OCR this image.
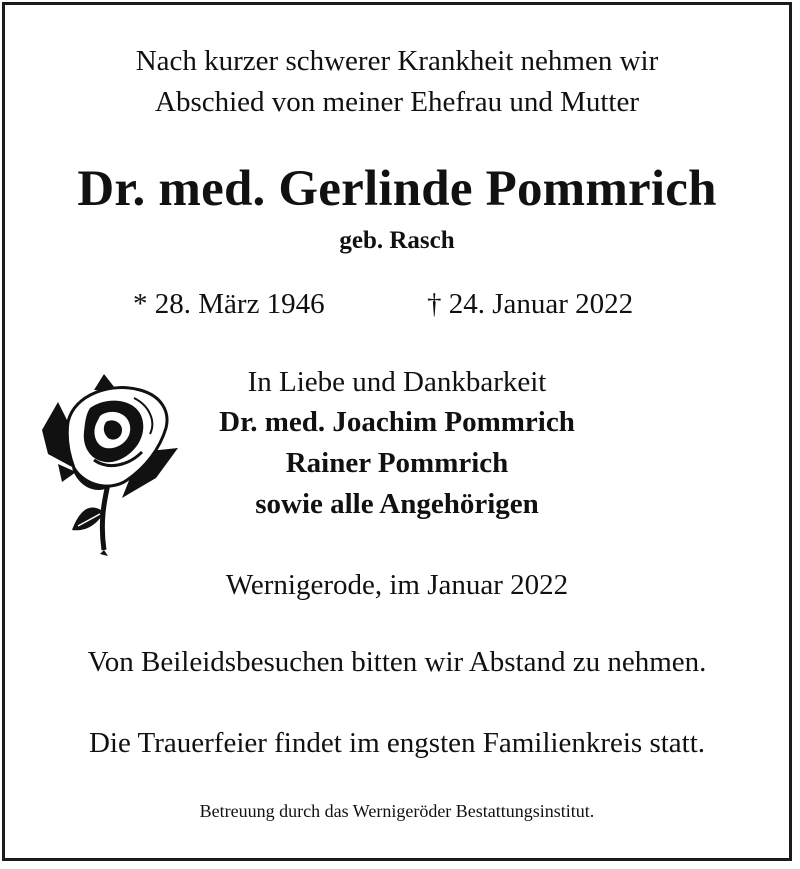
Nach kurzer schwerer Krankheit nehmen wir
Abschied von meiner Ehefrau und Mutter
Dr. med. Gerlinde Pommrich
geb. Rasch
* 28. März 1946	† 24. Januar 2022
In Liebe und Dankbarkeit
Dr. med. Joachim Pommrich
Rainer Pommrich
sowie alle Angehörigen
Wernigerode, im Januar 2022
Von Beileidsbesuchen bitten wir Abstand zu nehmen.
Die Trauerfeier findet im engsten Familienkreis statt.
Betreuung durch das Wernigeröder Bestattungsinstitut.
